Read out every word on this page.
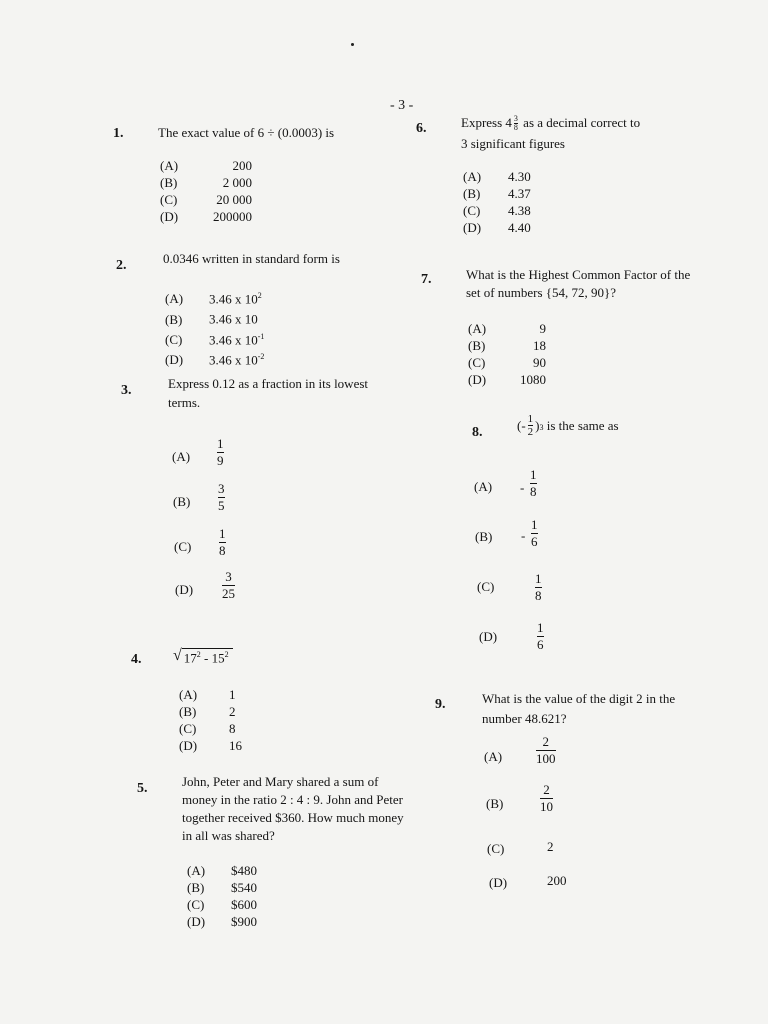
- 3 -
1.	The exact value of 6 ÷ (0.0003) is
(A)	200
(B)	2 000
(C)	20 000
(D)	200000
2.	0.0346 written in standard form is
(A) 3.46 x $10^2$
(B) 3.46 x 10
(C) 3.46 x $10^{-1}$
(D) 3.46 x $10^{-2}$
3.	Express 0.12 as a fraction in its lowest
terms.
(A)
1
9
(B)
3
5
(C)
1
8
(D)
3
25
4. √ $17^2 - 15^2$
(A) 1
(B)	2
(C)	8
(D) 16
5.	John, Peter and Mary shared a sum of
money in the ratio 2 : 4 : 9. John and Peter
together received $360. How much money
in all was shared?
(A) $480
(B) $540
(C) $600
(D) $900
6.	Express 4 3
8 as a decimal correct to
3 significant figures
(A) 4.30
(B) 4.37
(C) 4.38
(D) 4.40
7.	What is the Highest Common Factor of the
set of numbers {54, 72, 90}?
(A)	9
(B)	18
(C)	90
(D)	1080
8.	(- 1
2 ) 3 is the same as
(A) -
1
8
(B) -
1
6
(C)
1
8
(D)
1
6
9.	What is the value of the digit 2 in the
number 48.621?
(A)
2
100
(B)
2
10
(C)	2
(D)	200
